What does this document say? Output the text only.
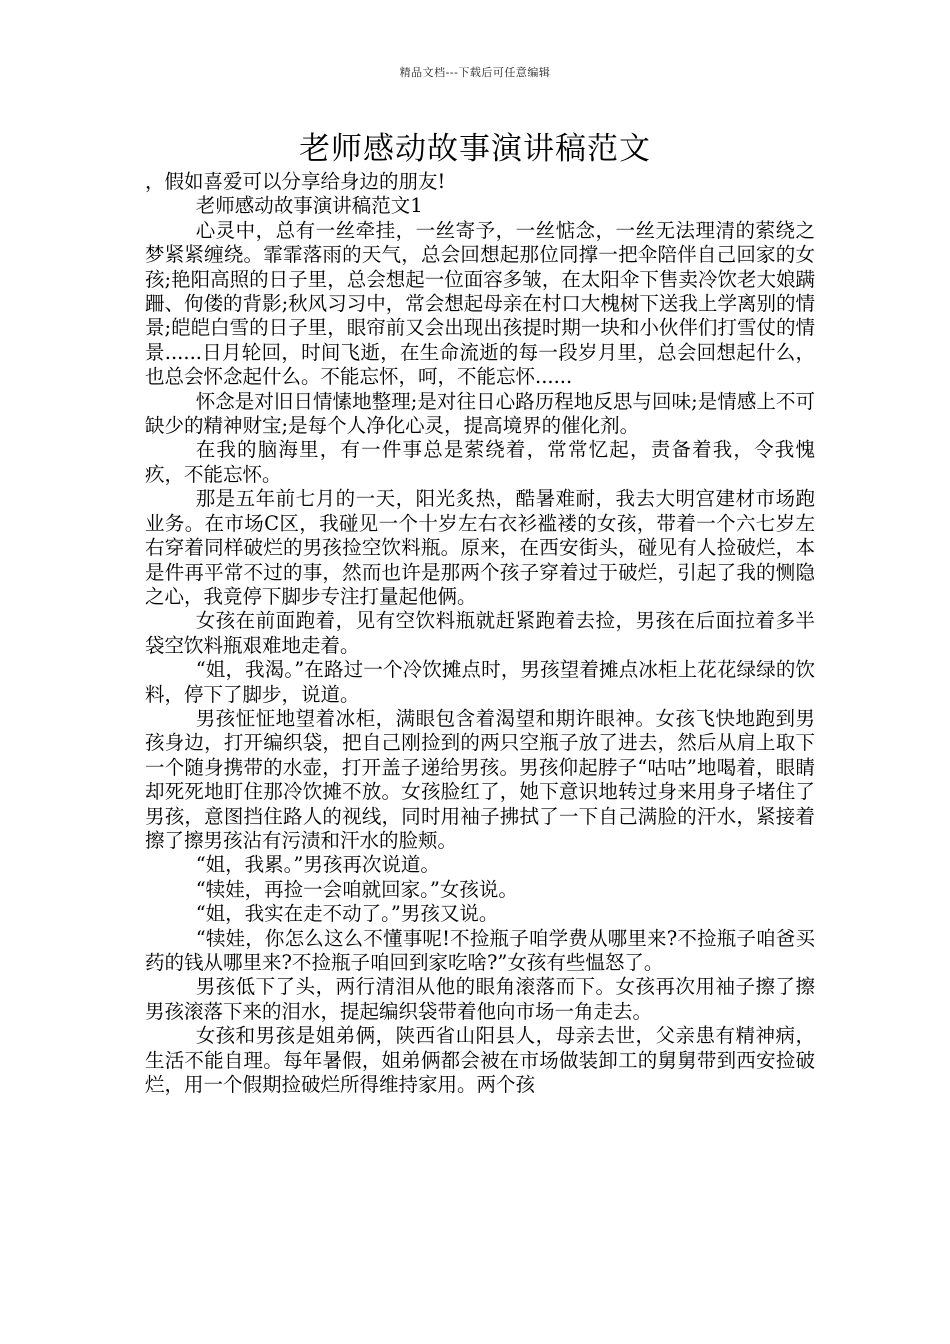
精品文档---下载后可任意编辑
老师感动故事演讲稿范文

，假如喜爱可以分享给身边的朋友!

老师感动故事演讲稿范文1

心灵中，总有一丝牵挂，一丝寄予，一丝惦念，一丝无法理清的萦绕之梦紧紧缠绕。霏霏落雨的天气，总会回想起那位同撑一把伞陪伴自己回家的女孩;艳阳高照的日子里，总会想起一位面容多皱，在太阳伞下售卖冷饮老大娘蹒跚、佝偻的背影;秋风习习中，常会想起母亲在村口大槐树下送我上学离别的情景;皑皑白雪的日子里，眼帘前又会出现出孩提时期一块和小伙伴们打雪仗的情景......日月轮回，时间飞逝，在生命流逝的每一段岁月里，总会回想起什么，也总会怀念起什么。不能忘怀，呵，不能忘怀......

怀念是对旧日情愫地整理;是对往日心路历程地反思与回味;是情感上不可缺少的精神财宝;是每个人净化心灵，提高境界的催化剂。

在我的脑海里，有一件事总是萦绕着，常常忆起，责备着我，令我愧疚，不能忘怀。

那是五年前七月的一天，阳光炙热，酷暑难耐，我去大明宫建材市场跑业务。在市场C区，我碰见一个十岁左右衣衫褴褛的女孩，带着一个六七岁左右穿着同样破烂的男孩捡空饮料瓶。原来，在西安街头，碰见有人捡破烂，本是件再平常不过的事，然而也许是那两个孩子穿着过于破烂，引起了我的恻隐之心，我竟停下脚步专注打量起他俩。

女孩在前面跑着，见有空饮料瓶就赶紧跑着去捡，男孩在后面拉着多半袋空饮料瓶艰难地走着。

“姐，我渴。”在路过一个冷饮摊点时，男孩望着摊点冰柜上花花绿绿的饮料，停下了脚步，说道。

男孩怔怔地望着冰柜，满眼包含着渴望和期许眼神。女孩飞快地跑到男孩身边，打开编织袋，把自己刚捡到的两只空瓶子放了进去，然后从肩上取下一个随身携带的水壶，打开盖子递给男孩。男孩仰起脖子“咕咕”地喝着，眼睛却死死地盯住那冷饮摊不放。女孩脸红了，她下意识地转过身来用身子堵住了男孩，意图挡住路人的视线，同时用袖子拂拭了一下自己满脸的汗水，紧接着擦了擦男孩沾有污渍和汗水的脸颊。

“姐，我累。”男孩再次说道。

“犊娃，再捡一会咱就回家。”女孩说。

“姐，我实在走不动了。”男孩又说。

“犊娃，你怎么这么不懂事呢!不捡瓶子咱学费从哪里来?不捡瓶子咱爸买药的钱从哪里来?不捡瓶子咱回到家吃啥?”女孩有些愠怒了。

男孩低下了头，两行清泪从他的眼角滚落而下。女孩再次用袖子擦了擦男孩滚落下来的泪水，提起编织袋带着他向市场一角走去。

女孩和男孩是姐弟俩，陕西省山阳县人，母亲去世，父亲患有精神病，生活不能自理。每年暑假，姐弟俩都会被在市场做装卸工的舅舅带到西安捡破烂，用一个假期捡破烂所得维持家用。两个孩
